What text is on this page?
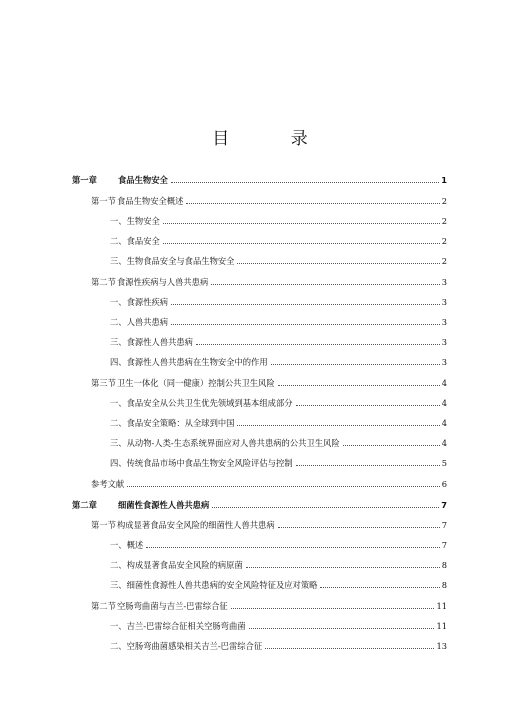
目 录
第一章	食品生物安全	1
第一节 食品生物安全概述	2
一、生物安全	2
二、食品安全	2
三、生物食品安全与食品生物安全	2
第二节 食源性疾病与人兽共患病	3
一、食源性疾病	3
二、人兽共患病	3
三、食源性人兽共患病	3
四、食源性人兽共患病在生物安全中的作用	3
第三节 卫生一体化（同一健康）控制公共卫生风险	4
一、食品安全从公共卫生优先领域到基本组成部分	4
二、食品安全策略：从全球到中国	4
三、从动物-人类-生态系统界面应对人兽共患病的公共卫生风险	4
四、传统食品市场中食品生物安全风险评估与控制	5
参考文献	6
第二章	细菌性食源性人兽共患病	7
第一节 构成显著食品安全风险的细菌性人兽共患病	7
一、概述	7
二、构成显著食品安全风险的病原菌	8
三、细菌性食源性人兽共患病的安全风险特征及应对策略	8
第二节 空肠弯曲菌与吉兰-巴雷综合征	11
一、吉兰-巴雷综合征相关空肠弯曲菌	11
二、空肠弯曲菌感染相关吉兰-巴雷综合征	13
